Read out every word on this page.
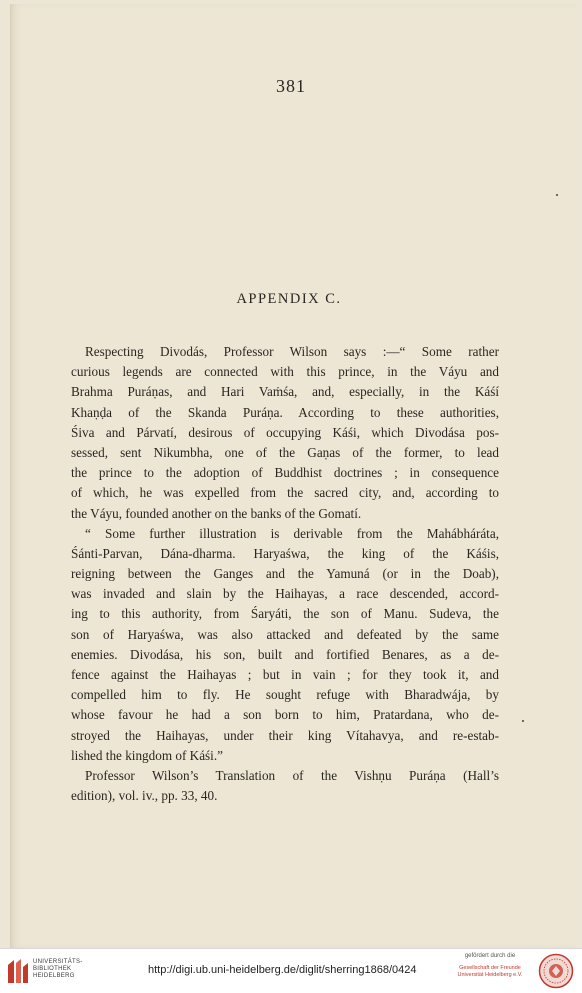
381
APPENDIX C.
Respecting Divodás, Professor Wilson says :—“ Some rather
curious legends are connected with this prince, in the Váyu and
Brahma Puráṇas, and Hari Vaṁśa, and, especially, in the Káśí
Khaṇḍa of the Skanda Puráṇa. According to these authorities,
Śiva and Párvatí, desirous of occupying Káśi, which Divodása pos-
sessed, sent Nikumbha, one of the Gaṇas of the former, to lead
the prince to the adoption of Buddhist doctrines ; in consequence
of which, he was expelled from the sacred city, and, according to
the Váyu, founded another on the banks of the Gomatí.
“ Some further illustration is derivable from the Mahábháráta,
Śánti-Parvan, Dána-dharma. Haryaśwa, the king of the Káśis,
reigning between the Ganges and the Yamuná (or in the Doab),
was invaded and slain by the Haihayas, a race descended, accord-
ing to this authority, from Śaryáti, the son of Manu. Sudeva, the
son of Haryaśwa, was also attacked and defeated by the same
enemies. Divodása, his son, built and fortified Benares, as a de-
fence against the Haihayas ; but in vain ; for they took it, and
compelled him to fly. He sought refuge with Bharadwája, by
whose favour he had a son born to him, Pratardana, who de-
stroyed the Haihayas, under their king Vítahavya, and re-estab-
lished the kingdom of Káśi.”
Professor Wilson’s Translation of the Vishṇu Puráṇa (Hall’s
edition), vol. iv., pp. 33, 40.
UNIVERSITÄTS-
BIBLIOTHEK
HEIDELBERG	http://digi.ub.uni-heidelberg.de/diglit/sherring1868/0424
gefördert durch die
Gesellschaft der Freunde
Universität Heidelberg e.V.
